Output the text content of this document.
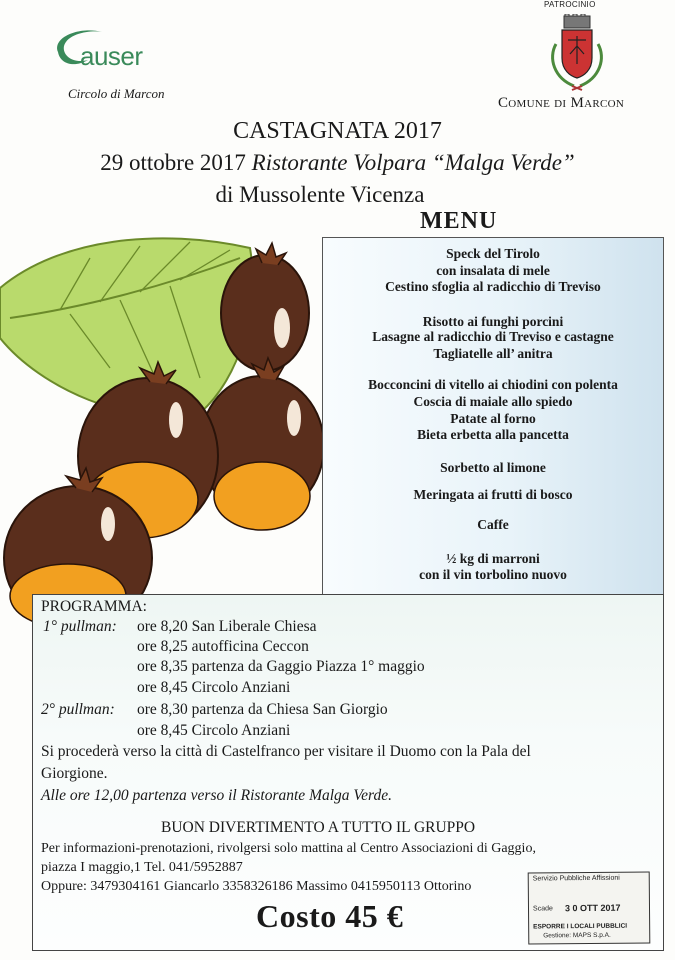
auser
Circolo di Marcon
PATROCINIO
Comune di Marcon
CASTAGNATA 2017
29 ottobre 2017 Ristorante Volpara “Malga Verde”
di Mussolente Vicenza
MENU
Speck del Tirolo
con insalata di mele
Cestino sfoglia al radicchio di Treviso
Risotto ai funghi porcini
Lasagne al radicchio di Treviso e castagne
Tagliatelle all’ anitra
Bocconcini di vitello ai chiodini con polenta
Coscia di maiale allo spiedo
Patate al forno
Bieta erbetta alla pancetta
Sorbetto al limone
Meringata ai frutti di bosco
Caffe
½ kg di marroni
con il vin torbolino nuovo
PROGRAMMA:
1° pullman: ore 8,20 San Liberale Chiesa
ore 8,25 autofficina Ceccon
ore 8,35 partenza da Gaggio Piazza 1° maggio
ore 8,45 Circolo Anziani
2° pullman: ore 8,30 partenza da Chiesa San Giorgio
ore 8,45 Circolo Anziani
Si procederà verso la città di Castelfranco per visitare il Duomo con la Pala del
Giorgione.
Alle ore 12,00 partenza verso il Ristorante Malga Verde.
BUON DIVERTIMENTO A TUTTO IL GRUPPO
Per informazioni-prenotazioni, rivolgersi solo mattina al Centro Associazioni di Gaggio,
piazza I maggio,1 Tel. 041/5952887
Oppure: 3479304161 Giancarlo 3358326186 Massimo 0415950113 Ottorino
Costo 45 €
Servizio Pubbliche Affissioni
Scade 3 0 OTT 2017
ESPORRE I LOCALI PUBBLICI
Gestione: MAPS S.p.A.
